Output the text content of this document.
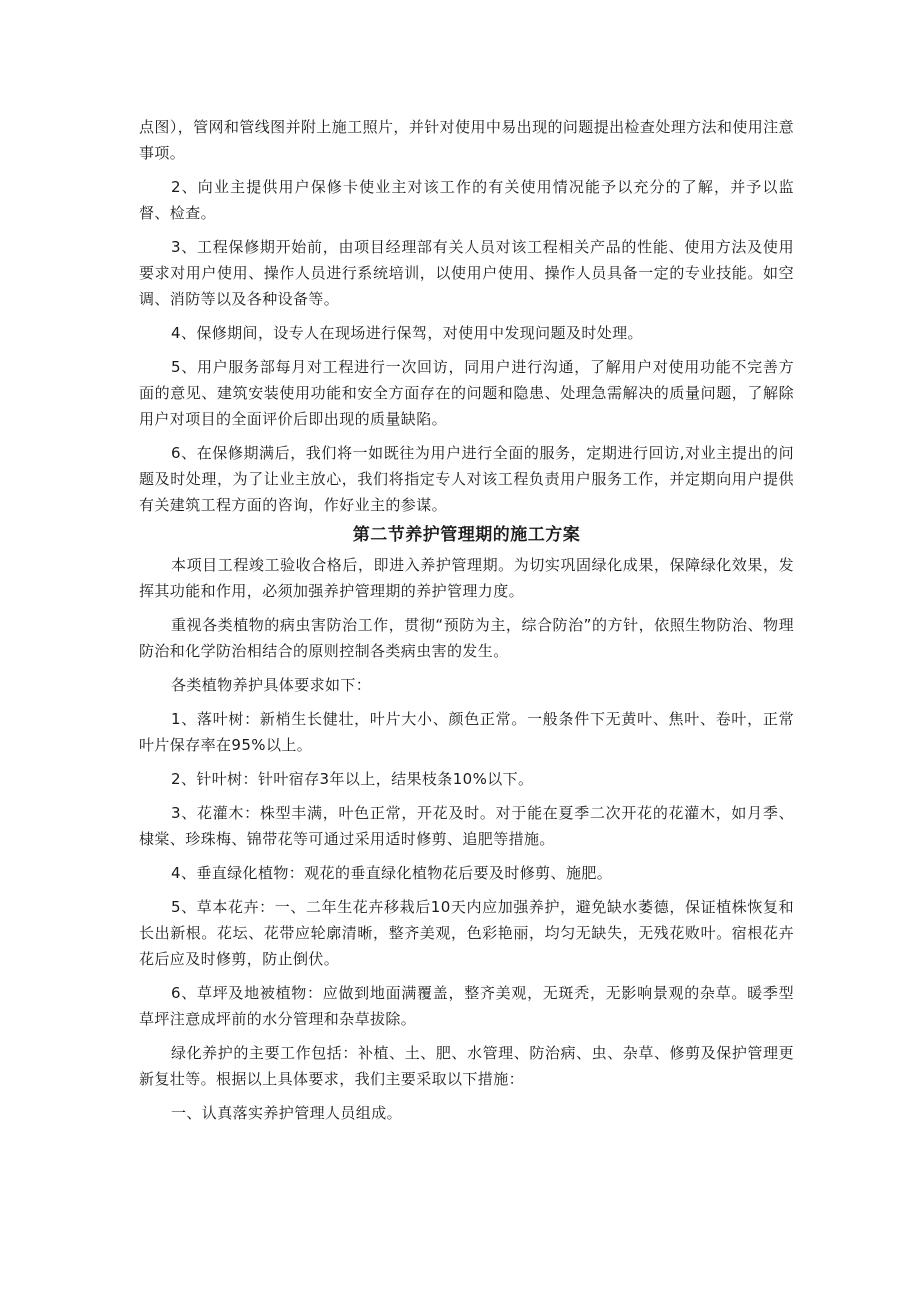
点图），管网和管线图并附上施工照片，并针对使用中易出现的问题提出检查处理方法和使用注意事项。

2、向业主提供用户保修卡使业主对该工作的有关使用情况能予以充分的了解，并予以监督、检查。

3、工程保修期开始前，由项目经理部有关人员对该工程相关产品的性能、使用方法及使用要求对用户使用、操作人员进行系统培训，以使用户使用、操作人员具备一定的专业技能。如空调、消防等以及各种设备等。

4、保修期间，设专人在现场进行保驾，对使用中发现问题及时处理。

5、用户服务部每月对工程进行一次回访，同用户进行沟通，了解用户对使用功能不完善方面的意见、建筑安装使用功能和安全方面存在的问题和隐患、处理急需解决的质量问题，了解除用户对项目的全面评价后即出现的质量缺陷。

6、在保修期满后，我们将一如既往为用户进行全面的服务，定期进行回访,对业主提出的问题及时处理，为了让业主放心，我们将指定专人对该工程负责用户服务工作，并定期向用户提供有关建筑工程方面的咨询，作好业主的参谋。

第二节养护管理期的施工方案

本项目工程竣工验收合格后，即进入养护管理期。为切实巩固绿化成果，保障绿化效果，发挥其功能和作用，必须加强养护管理期的养护管理力度。

重视各类植物的病虫害防治工作，贯彻“预防为主，综合防治”的方针，依照生物防治、物理防治和化学防治相结合的原则控制各类病虫害的发生。

各类植物养护具体要求如下：

1、落叶树：新梢生长健壮，叶片大小、颜色正常。一般条件下无黄叶、焦叶、卷叶，正常叶片保存率在95%以上。

2、针叶树：针叶宿存3年以上，结果枝条10%以下。

3、花灌木：株型丰满，叶色正常，开花及时。对于能在夏季二次开花的花灌木，如月季、棣棠、珍珠梅、锦带花等可通过采用适时修剪、追肥等措施。

4、垂直绿化植物：观花的垂直绿化植物花后要及时修剪、施肥。

5、草本花卉：一、二年生花卉移栽后10天内应加强养护，避免缺水萎德，保证植株恢复和长出新根。花坛、花带应轮廓清晰，整齐美观，色彩艳丽，均匀无缺失，无残花败叶。宿根花卉花后应及时修剪，防止倒伏。

6、草坪及地被植物：应做到地面满覆盖，整齐美观，无斑秃，无影响景观的杂草。暖季型草坪注意成坪前的水分管理和杂草拔除。

绿化养护的主要工作包括：补植、土、肥、水管理、防治病、虫、杂草、修剪及保护管理更新复壮等。根据以上具体要求，我们主要采取以下措施：

一、认真落实养护管理人员组成。
